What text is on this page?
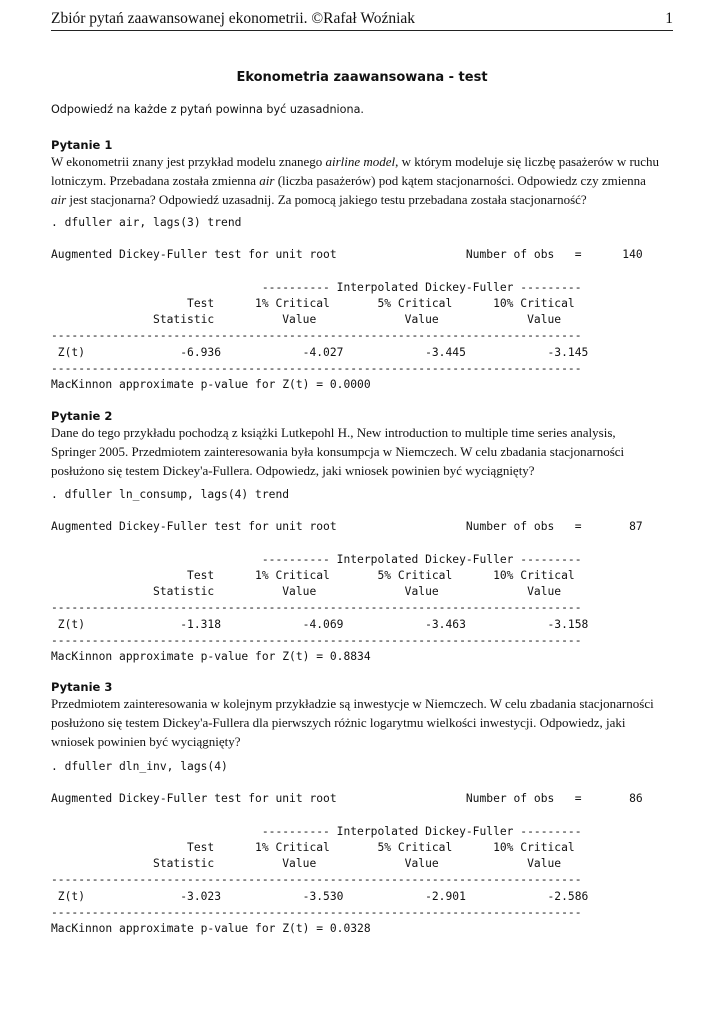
Zbiór pytań zaawansowanej ekonometrii. ©Rafał Woźniak	1
Ekonometria zaawansowana - test
Odpowiedź na każde z pytań powinna być uzasadniona.
Pytanie 1
W ekonometrii znany jest przykład modelu znanego airline model, w którym modeluje się liczbę pasażerów w ruchu
lotniczym. Przebadana została zmienna air (liczba pasażerów) pod kątem stacjonarności. Odpowiedz czy zmienna
air jest stacjonarna? Odpowiedź uzasadnij. Za pomocą jakiego testu przebadana została stacjonarność?
. dfuller air, lags(3) trend
Augmented Dickey-Fuller test for unit root                   Number of obs   =      140

---------- Interpolated Dickey-Fuller ---------
Test      1% Critical       5% Critical      10% Critical
Statistic          Value             Value             Value
------------------------------------------------------------------------------
Z(t)              -6.936            -4.027            -3.445            -3.145
------------------------------------------------------------------------------
MacKinnon approximate p-value for Z(t) = 0.0000
Pytanie 2
Dane do tego przykładu pochodzą z książki Lutkepohl H., New introduction to multiple time series analysis,
Springer 2005. Przedmiotem zainteresowania była konsumpcja w Niemczech. W celu zbadania stacjonarności
posłużono się testem Dickey'a-Fullera. Odpowiedz, jaki wniosek powinien być wyciągnięty?
. dfuller ln_consump, lags(4) trend
Augmented Dickey-Fuller test for unit root                   Number of obs   =       87

---------- Interpolated Dickey-Fuller ---------
Test      1% Critical       5% Critical      10% Critical
Statistic          Value             Value             Value
------------------------------------------------------------------------------
Z(t)              -1.318            -4.069            -3.463            -3.158
------------------------------------------------------------------------------
MacKinnon approximate p-value for Z(t) = 0.8834
Pytanie 3
Przedmiotem zainteresowania w kolejnym przykładzie są inwestycje w Niemczech. W celu zbadania stacjonarności
posłużono się testem Dickey'a-Fullera dla pierwszych różnic logarytmu wielkości inwestycji. Odpowiedz, jaki
wniosek powinien być wyciągnięty?
. dfuller dln_inv, lags(4)
Augmented Dickey-Fuller test for unit root                   Number of obs   =       86

---------- Interpolated Dickey-Fuller ---------
Test      1% Critical       5% Critical      10% Critical
Statistic          Value             Value             Value
------------------------------------------------------------------------------
Z(t)              -3.023            -3.530            -2.901            -2.586
------------------------------------------------------------------------------
MacKinnon approximate p-value for Z(t) = 0.0328
